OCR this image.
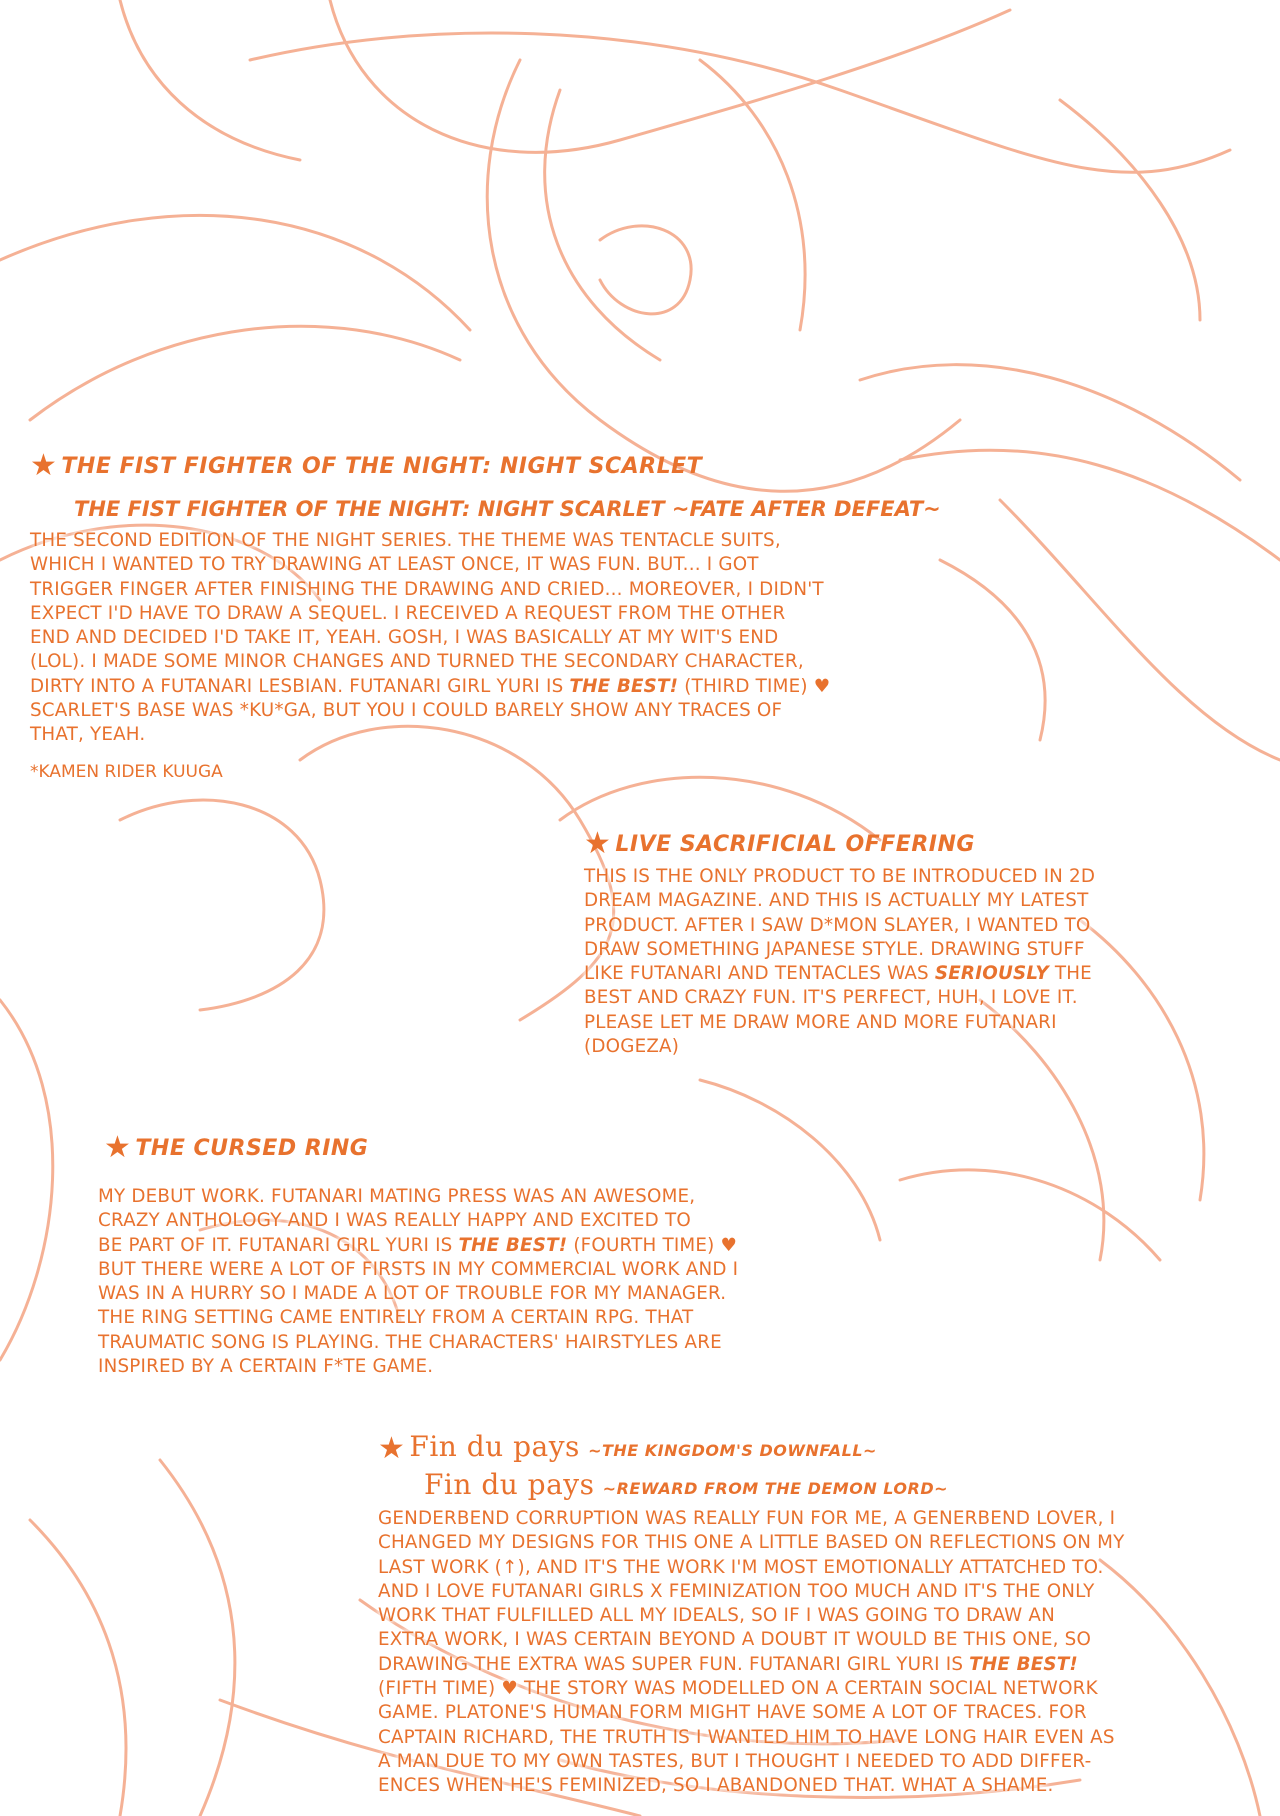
★ THE FIST FIGHTER OF THE NIGHT: NIGHT SCARLET
THE FIST FIGHTER OF THE NIGHT: NIGHT SCARLET ~FATE AFTER DEFEAT~
THE SECOND EDITION OF THE NIGHT SERIES. THE THEME WAS TENTACLE SUITS,
WHICH I WANTED TO TRY DRAWING AT LEAST ONCE, IT WAS FUN. BUT... I GOT
TRIGGER FINGER AFTER FINISHING THE DRAWING AND CRIED... MOREOVER, I DIDN'T
EXPECT I'D HAVE TO DRAW A SEQUEL. I RECEIVED A REQUEST FROM THE OTHER
END AND DECIDED I'D TAKE IT, YEAH. GOSH, I WAS BASICALLY AT MY WIT'S END
(LOL). I MADE SOME MINOR CHANGES AND TURNED THE SECONDARY CHARACTER,
DIRTY INTO A FUTANARI LESBIAN. FUTANARI GIRL YURI IS THE BEST! (THIRD TIME) ♥
SCARLET'S BASE WAS *KU*GA, BUT YOU I COULD BARELY SHOW ANY TRACES OF
THAT, YEAH.
*KAMEN RIDER KUUGA
★ LIVE SACRIFICIAL OFFERING
THIS IS THE ONLY PRODUCT TO BE INTRODUCED IN 2D
DREAM MAGAZINE. AND THIS IS ACTUALLY MY LATEST
PRODUCT. AFTER I SAW D*MON SLAYER, I WANTED TO
DRAW SOMETHING JAPANESE STYLE. DRAWING STUFF
LIKE FUTANARI AND TENTACLES WAS SERIOUSLY THE
BEST AND CRAZY FUN. IT'S PERFECT, HUH, I LOVE IT.
PLEASE LET ME DRAW MORE AND MORE FUTANARI
(DOGEZA)
★ THE CURSED RING
MY DEBUT WORK. FUTANARI MATING PRESS WAS AN AWESOME,
CRAZY ANTHOLOGY AND I WAS REALLY HAPPY AND EXCITED TO
BE PART OF IT. FUTANARI GIRL YURI IS THE BEST! (FOURTH TIME) ♥
BUT THERE WERE A LOT OF FIRSTS IN MY COMMERCIAL WORK AND I
WAS IN A HURRY SO I MADE A LOT OF TROUBLE FOR MY MANAGER.
THE RING SETTING CAME ENTIRELY FROM A CERTAIN RPG. THAT
TRAUMATIC SONG IS PLAYING. THE CHARACTERS' HAIRSTYLES ARE
INSPIRED BY A CERTAIN F*TE GAME.
★ Fin du pays ~THE KINGDOM'S DOWNFALL~
Fin du pays ~REWARD FROM THE DEMON LORD~
GENDERBEND CORRUPTION WAS REALLY FUN FOR ME, A GENERBEND LOVER, I
CHANGED MY DESIGNS FOR THIS ONE A LITTLE BASED ON REFLECTIONS ON MY
LAST WORK (↑), AND IT'S THE WORK I'M MOST EMOTIONALLY ATTATCHED TO.
AND I LOVE FUTANARI GIRLS X FEMINIZATION TOO MUCH AND IT'S THE ONLY
WORK THAT FULFILLED ALL MY IDEALS, SO IF I WAS GOING TO DRAW AN
EXTRA WORK, I WAS CERTAIN BEYOND A DOUBT IT WOULD BE THIS ONE, SO
DRAWING THE EXTRA WAS SUPER FUN. FUTANARI GIRL YURI IS THE BEST!
(FIFTH TIME) ♥ THE STORY WAS MODELLED ON A CERTAIN SOCIAL NETWORK
GAME. PLATONE'S HUMAN FORM MIGHT HAVE SOME A LOT OF TRACES. FOR
CAPTAIN RICHARD, THE TRUTH IS I WANTED HIM TO HAVE LONG HAIR EVEN AS
A MAN DUE TO MY OWN TASTES, BUT I THOUGHT I NEEDED TO ADD DIFFER-
ENCES WHEN HE'S FEMINIZED, SO I ABANDONED THAT. WHAT A SHAME.
